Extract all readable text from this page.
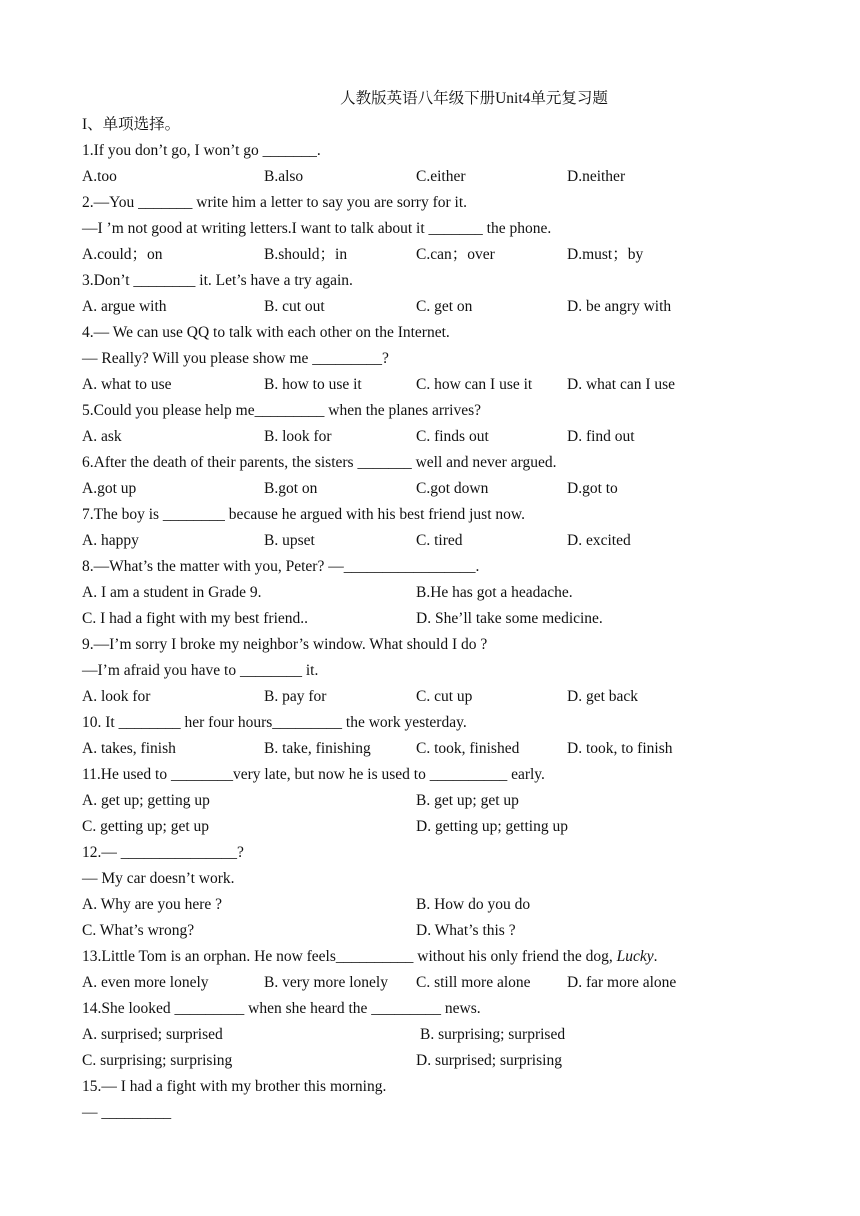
人教版英语八年级下册Unit4单元复习题
I、单项选择。
1.If you don’t go, I won’t go _______.
A.too	B.also	C.either	D.neither
2.—You _______ write him a letter to say you are sorry for it.
—I ’m not good at writing letters.I want to talk about it _______ the phone.
A.could；on	B.should；in	C.can；over	D.must；by
3.Don’t ________ it. Let’s have a try again.
A. argue with	B. cut out	C. get on	D. be angry with
4.— We can use QQ to talk with each other on the Internet.
— Really? Will you please show me _________?
A. what to use	B. how to use it	C. how can I use it D. what can I use
5.Could you please help me_________ when the planes arrives?
A. ask	B. look for	C. finds out	D. find out
6.After the death of their parents, the sisters _______ well and never argued.
A.got up	B.got on	C.got down	D.got to
7.The boy is ________ because he argued with his best friend just now.
A. happy	B. upset	C. tired	D. excited
8.—What’s the matter with you, Peter? —_________________.
A. I am a student in Grade 9.	B.He has got a headache.
C. I had a fight with my best friend..	D. She’ll take some medicine.
9.—I’m sorry I broke my neighbor’s window. What should I do ?
—I’m afraid you have to ________ it.
A. look for	B. pay for	C. cut up	D. get back
10. It ________ her four hours_________ the work yesterday.
A. takes, finish	B. take, finishing	C. took, finished	D. took, to finish
11.He used to ________very late, but now he is used to __________ early.
A. get up; getting up	B. get up; get up
C. getting up; get up	D. getting up; getting up
12.— _______________?
— My car doesn’t work.
A. Why are you here ?	B. How do you do
C. What’s wrong?	D. What’s this ?
13.Little Tom is an orphan. He now feels__________ without his only friend the dog, Lucky.
A. even more lonely	B. very more lonely C. still more alone D. far more alone
14.She looked _________ when she heard the _________ news.
A. surprised; surprised	B. surprising; surprised
C. surprising; surprising	D. surprised; surprising
15.— I had a fight with my brother this morning.
— _________
